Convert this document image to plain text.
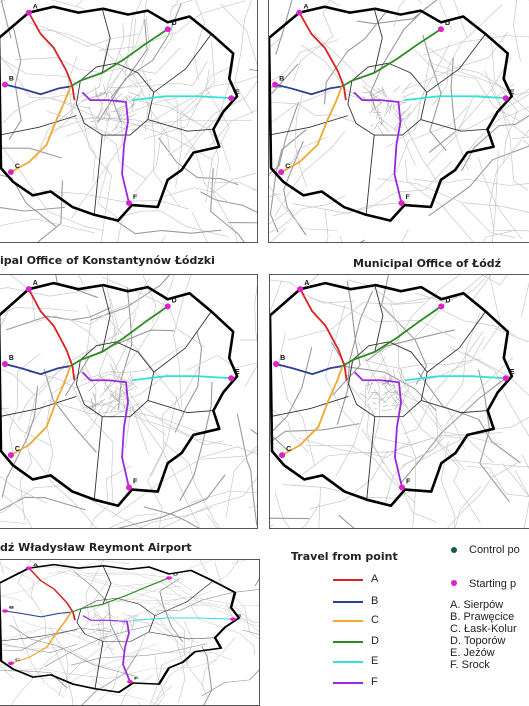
A
B
C
D
E
F
A
B
C
D
E
F
ipal Office of Konstantynów Łódzki	Municipal Office of Łódź
A
B
C
D
E
F
A
B
C
D
E
F
dź Władysław Reymont Airport
A
B
C
D
E
F
Travel from point
A
B
C
D
E
F
Control po
Starting p
A. Sierpów
B. Prawęcice
C. Łask-Kolur
D. Toporów
E. Jeżów
F. Srock
